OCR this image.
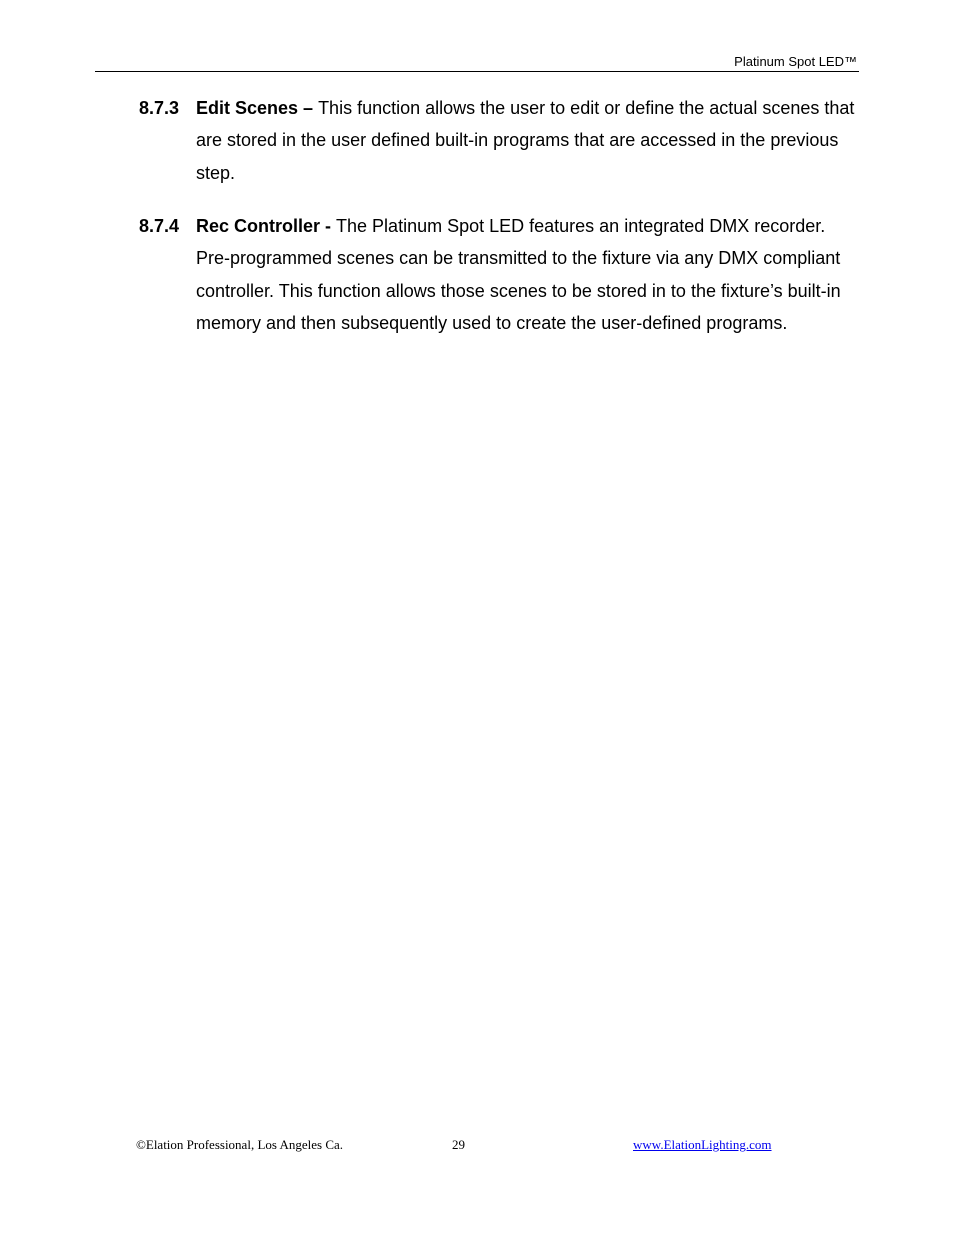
Platinum Spot LED™
8.7.3 Edit Scenes – This function allows the user to edit or define the actual scenes that are stored in the user defined built-in programs that are accessed in the previous step.
8.7.4 Rec Controller - The Platinum Spot LED features an integrated DMX recorder. Pre-programmed scenes can be transmitted to the fixture via any DMX compliant controller. This function allows those scenes to be stored in to the fixture’s built-in memory and then subsequently used to create the user-defined programs.
©Elation Professional, Los Angeles Ca.	29	www.ElationLighting.com
